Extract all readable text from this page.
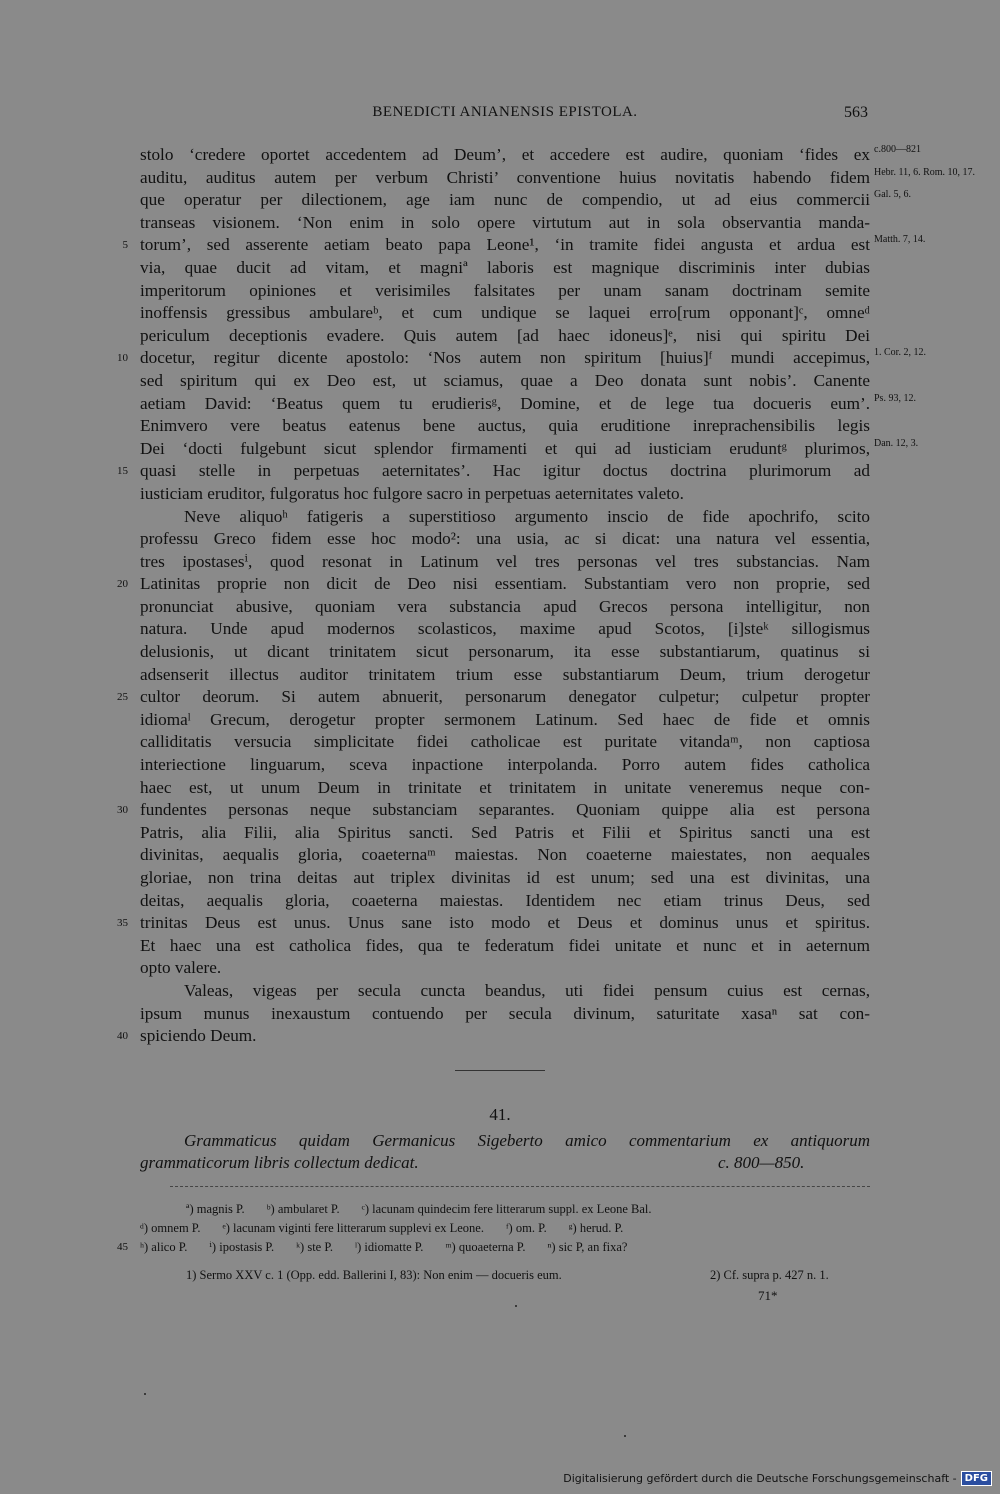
BENEDICTI ANIANENSIS EPISTOLA.	563
stolo ‘credere oportet accedentem ad Deum’, et accedere est audire, quoniam ‘fides ex c.800—821
auditu, auditus autem per verbum Christi’ conventione huius novitatis habendo fidem Hebr. 11, 6. Rom. 10, 17.
que operatur per dilectionem, age iam nunc de compendio, ut ad eius commercii Gal. 5, 6.
transeas visionem. ‘Non enim in solo opere virtutum aut in sola observantia manda-
torum’, sed asserente aetiam beato papa Leone¹, ‘in tramite fidei angusta et ardua est
5	Matth. 7, 14.
via, quae ducit ad vitam, et magniª laboris est magnique discriminis inter dubias
imperitorum opiniones et verisimiles falsitates per unam sanam doctrinam semite
inoffensis gressibus ambulareᵇ, et cum undique se laquei erro[rum opponant]ᶜ, omneᵈ
periculum deceptionis evadere. Quis autem [ad haec idoneus]ᵉ, nisi qui spiritu Dei
docetur, regitur dicente apostolo: ‘Nos autem non spiritum [huius]ᶠ mundi accepimus,
10	1. Cor. 2, 12.
sed spiritum qui ex Deo est, ut sciamus, quae a Deo donata sunt nobis’. Canente
aetiam David: ‘Beatus quem tu erudierisᵍ, Domine, et de lege tua docueris eum’. Ps. 93, 12.
Enimvero vere beatus eatenus bene auctus, quia eruditione inreprachensibilis legis
Dei ‘docti fulgebunt sicut splendor firmamenti et qui ad iusticiam eruduntᵍ plurimos, Dan. 12, 3.
quasi stelle in perpetuas aeternitates’. Hac igitur doctus doctrina plurimorum ad
15
iusticiam eruditor, fulgoratus hoc fulgore sacro in perpetuas aeternitates valeto.
Neve aliquoʰ fatigeris a superstitioso argumento inscio de fide apochrifo, scito
professu Greco fidem esse hoc modo²: una usia, ac si dicat: una natura vel essentia,
tres ipostasesⁱ, quod resonat in Latinum vel tres personas vel tres substancias. Nam
Latinitas proprie non dicit de Deo nisi essentiam. Substantiam vero non proprie, sed
20
pronunciat abusive, quoniam vera substancia apud Grecos persona intelligitur, non
natura. Unde apud modernos scolasticos, maxime apud Scotos, [i]steᵏ sillogismus
delusionis, ut dicant trinitatem sicut personarum, ita esse substantiarum, quatinus si
adsenserit illectus auditor trinitatem trium esse substantiarum Deum, trium derogetur
cultor deorum. Si autem abnuerit, personarum denegator culpetur; culpetur propter
25
idiomaˡ Grecum, derogetur propter sermonem Latinum. Sed haec de fide et omnis
calliditatis versucia simplicitate fidei catholicae est puritate vitandaᵐ, non captiosa
interiectione linguarum, sceva inpactione interpolanda. Porro autem fides catholica
haec est, ut unum Deum in trinitate et trinitatem in unitate veneremus neque con-
fundentes personas neque substanciam separantes. Quoniam quippe alia est persona
30
Patris, alia Filii, alia Spiritus sancti. Sed Patris et Filii et Spiritus sancti una est
divinitas, aequalis gloria, coaeternaᵐ maiestas. Non coaeterne maiestates, non aequales
gloriae, non trina deitas aut triplex divinitas id est unum; sed una est divinitas, una
deitas, aequalis gloria, coaeterna maiestas. Identidem nec etiam trinus Deus, sed
trinitas Deus est unus. Unus sane isto modo et Deus et dominus unus et spiritus.
35
Et haec una est catholica fides, qua te federatum fidei unitate et nunc et in aeternum
opto valere.
Valeas, vigeas per secula cuncta beandus, uti fidei pensum cuius est cernas,
ipsum munus inexaustum contuendo per secula divinum, saturitate xasaⁿ sat con-
spiciendo Deum.
40
41.
Grammaticus quidam Germanicus Sigeberto amico commentarium ex antiquorum
grammaticorum libris collectum dedicat.	c. 800—850.
ª) magnis P. ᵇ) ambularet P. ᶜ) lacunam quindecim fere litterarum suppl. ex Leone Bal.
ᵈ) omnem P. ᵉ) lacunam viginti fere litterarum supplevi ex Leone. ᶠ) om. P. ᵍ) herud. P.
45 ʰ) alico P. ⁱ) ipostasis P. ᵏ) ste P. ˡ) idiomatte P. ᵐ) quoaeterna P. ⁿ) sic P, an fixa?
1) Sermo XXV c. 1 (Opp. edd. Ballerini I, 83): Non enim — docueris eum.	2) Cf. supra p. 427 n. 1.
71*
Digitalisierung gefördert durch die Deutsche Forschungsgemeinschaft - DFG
